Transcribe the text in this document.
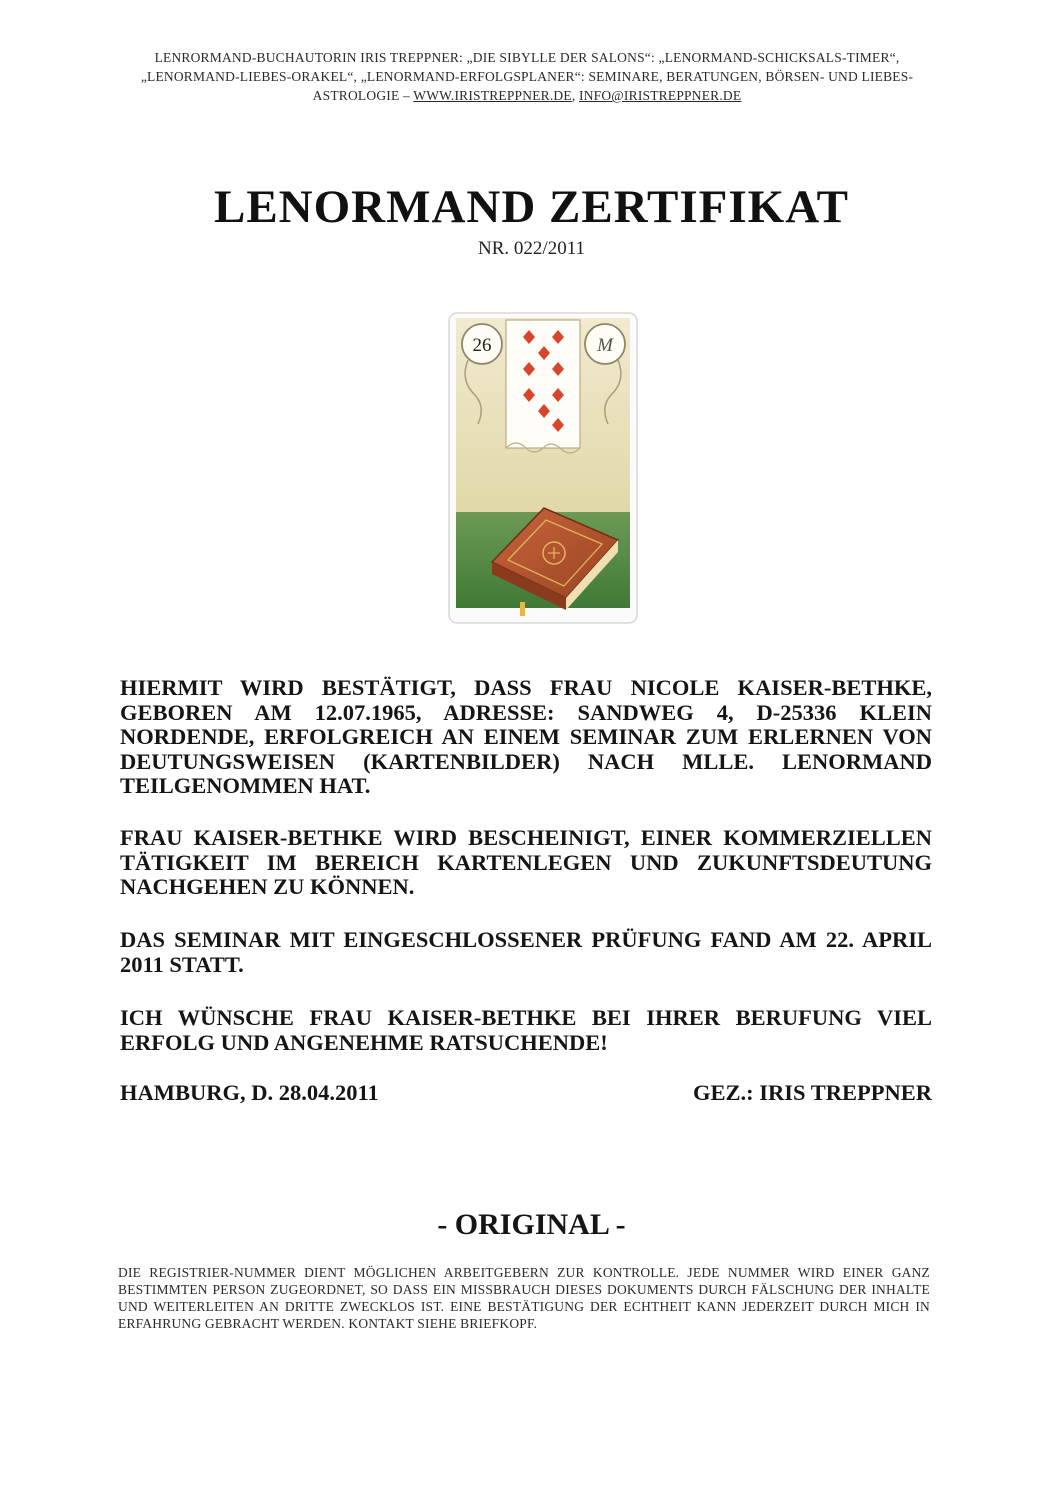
LENRORMAND-BUCHAUTORIN IRIS TREPPNER: „DIE SIBYLLE DER SALONS“: „LENORMAND-SCHICKSALS-TIMER“, „LENORMAND-LIEBES-ORAKEL“, „LENORMAND-ERFOLGSPLANER“: SEMINARE, BERATUNGEN, BÖRSEN- UND LIEBES-ASTROLOGIE – WWW.IRISTREPPNER.DE, INFO@IRISTREPPNER.DE
LENORMAND ZERTIFIKAT
NR. 022/2011
26	M
HIERMIT WIRD BESTÄTIGT, DASS FRAU NICOLE KAISER-BETHKE, GEBOREN AM 12.07.1965, ADRESSE: SANDWEG 4, D-25336 KLEIN NORDENDE, ERFOLGREICH AN EINEM SEMINAR ZUM ERLERNEN VON DEUTUNGSWEISEN (KARTENBILDER) NACH MLLE. LENORMAND TEILGENOMMEN HAT.
FRAU KAISER-BETHKE WIRD BESCHEINIGT, EINER KOMMERZIELLEN TÄTIGKEIT IM BEREICH KARTENLEGEN UND ZUKUNFTSDEUTUNG NACHGEHEN ZU KÖNNEN.
DAS SEMINAR MIT EINGESCHLOSSENER PRÜFUNG FAND AM 22. APRIL 2011 STATT.
ICH WÜNSCHE FRAU KAISER-BETHKE BEI IHRER BERUFUNG VIEL ERFOLG UND ANGENEHME RATSUCHENDE!
HAMBURG, D. 28.04.2011	GEZ.: IRIS TREPPNER
- ORIGINAL -
DIE REGISTRIER-NUMMER DIENT MÖGLICHEN ARBEITGEBERN ZUR KONTROLLE. JEDE NUMMER WIRD EINER GANZ BESTIMMTEN PERSON ZUGEORDNET, SO DASS EIN MISSBRAUCH DIESES DOKUMENTS DURCH FÄLSCHUNG DER INHALTE UND WEITERLEITEN AN DRITTE ZWECKLOS IST. EINE BESTÄTIGUNG DER ECHTHEIT KANN JEDERZEIT DURCH MICH IN ERFAHRUNG GEBRACHT WERDEN. KONTAKT SIEHE BRIEFKOPF.
